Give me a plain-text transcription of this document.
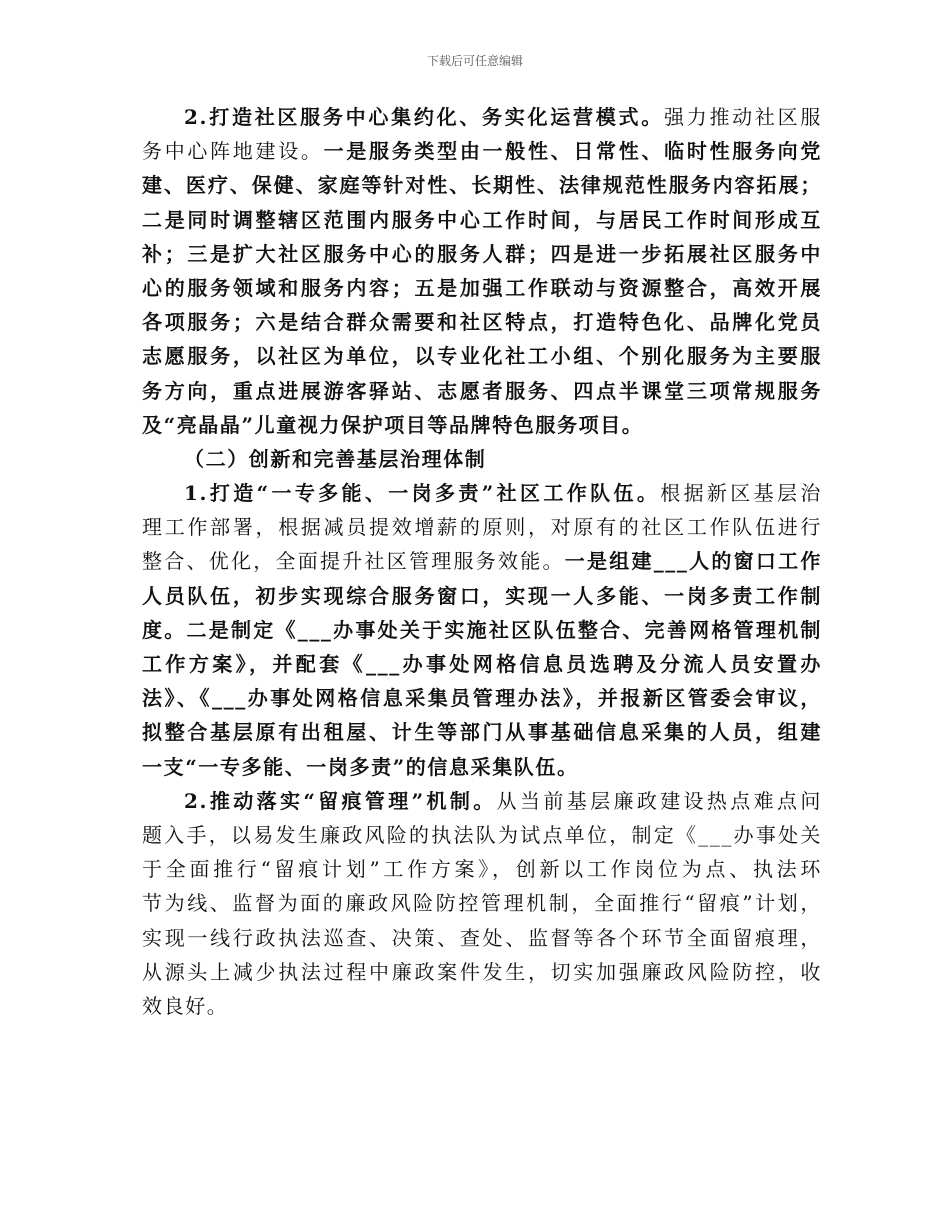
下载后可任意编辑
2.打造社区服务中心集约化、务实化运营模式。强力推动社区服
务中心阵地建设。一是服务类型由一般性、日常性、临时性服务向党
建、医疗、保健、家庭等针对性、长期性、法律规范性服务内容拓展；
二是同时调整辖区范围内服务中心工作时间，与居民工作时间形成互
补；三是扩大社区服务中心的服务人群；四是进一步拓展社区服务中
心的服务领域和服务内容；五是加强工作联动与资源整合，高效开展
各项服务；六是结合群众需要和社区特点，打造特色化、品牌化党员
志愿服务，以社区为单位，以专业化社工小组、个别化服务为主要服
务方向，重点进展游客驿站、志愿者服务、四点半课堂三项常规服务
及“亮晶晶”儿童视力保护项目等品牌特色服务项目。
（二）创新和完善基层治理体制
1.打造“一专多能、一岗多责”社区工作队伍。根据新区基层治
理工作部署，根据减员提效增薪的原则，对原有的社区工作队伍进行
整合、优化，全面提升社区管理服务效能。一是组建___人的窗口工作
人员队伍，初步实现综合服务窗口，实现一人多能、一岗多责工作制
度。二是制定《___办事处关于实施社区队伍整合、完善网格管理机制
工作方案》，并配套《___办事处网格信息员选聘及分流人员安置办
法》、《___办事处网格信息采集员管理办法》，并报新区管委会审议，
拟整合基层原有出租屋、计生等部门从事基础信息采集的人员，组建
一支“一专多能、一岗多责”的信息采集队伍。
2.推动落实“留痕管理”机制。从当前基层廉政建设热点难点问
题入手，以易发生廉政风险的执法队为试点单位，制定《___办事处关
于全面推行“留痕计划”工作方案》，创新以工作岗位为点、执法环
节为线、监督为面的廉政风险防控管理机制，全面推行“留痕”计划，
实现一线行政执法巡查、决策、查处、监督等各个环节全面留痕理，
从源头上减少执法过程中廉政案件发生，切实加强廉政风险防控，收
效良好。
